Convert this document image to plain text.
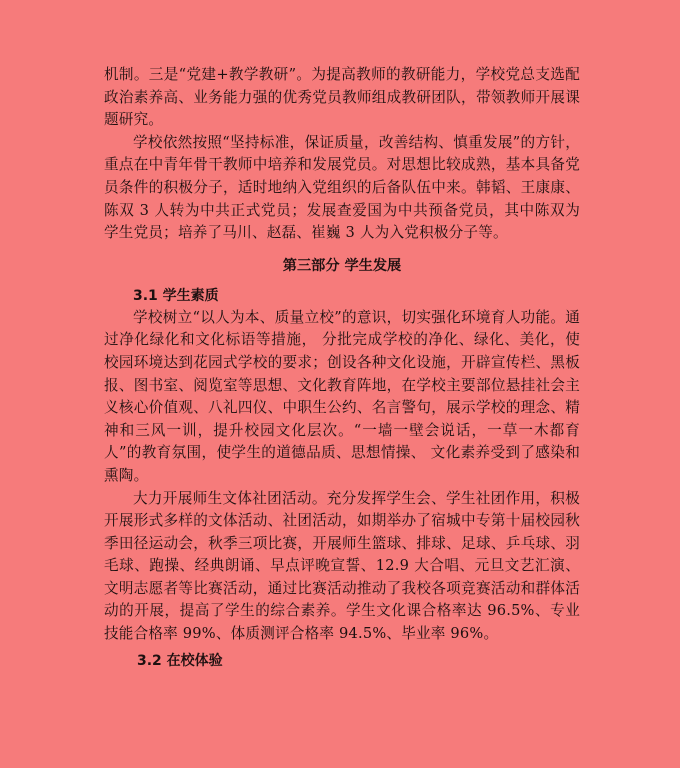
机制。三是“党建+教学教研”。为提高教师的教研能力，学校党总支选配政治素养高、业务能力强的优秀党员教师组成教研团队，带领教师开展课题研究。

学校依然按照“坚持标准，保证质量，改善结构、慎重发展”的方针， 重点在中青年骨干教师中培养和发展党员。对思想比较成熟，基本具备党员条件的积极分子，适时地纳入党组织的后备队伍中来。韩韬、王康康、陈双 3 人转为中共正式党员；发展查爱国为中共预备党员，其中陈双为学生党员；培养了马川、赵磊、崔巍 3 人为入党积极分子等。

第三部分 学生发展
3.1 学生素质

学校树立“以人为本、质量立校”的意识，切实强化环境育人功能。通过净化绿化和文化标语等措施， 分批完成学校的净化、绿化、美化，使校园环境达到花园式学校的要求；创设各种文化设施，开辟宣传栏、黑板报、图书室、阅览室等思想、文化教育阵地，在学校主要部位悬挂社会主义核心价值观、八礼四仪、中职生公约、名言警句，展示学校的理念、精神和三风一训，提升校园文化层次。“一墙一壁会说话，一草一木都育人”的教育氛围，使学生的道德品质、思想情操、 文化素养受到了感染和熏陶。

大力开展师生文体社团活动。充分发挥学生会、学生社团作用，积极开展形式多样的文体活动、社团活动，如期举办了宿城中专第十届校园秋季田径运动会，秋季三项比赛，开展师生篮球、排球、足球、乒乓球、羽毛球、跑操、经典朗诵、早点评晚宣誓、12.9 大合唱、元旦文艺汇演、文明志愿者等比赛活动，通过比赛活动推动了我校各项竞赛活动和群体活动的开展，提高了学生的综合素养。学生文化课合格率达 96.5%、专业技能合格率 99%、体质测评合格率 94.5%、毕业率 96%。

3.2 在校体验
